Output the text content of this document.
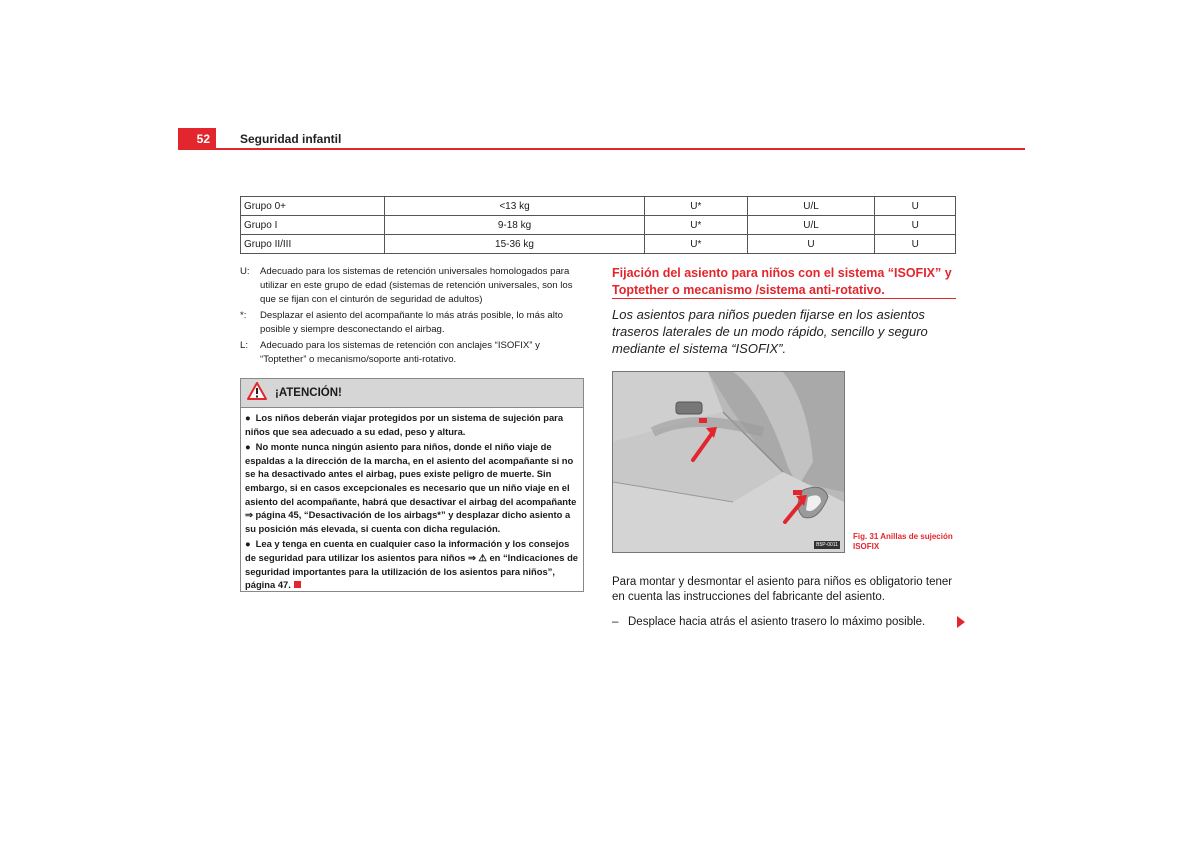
52	Seguridad infantil
Grupo 0+	<13 kg	U*	U/L	U
Grupo I	9-18 kg	U*	U/L	U
Grupo II/III	15-36 kg	U*	U	U
U:	Adecuado para los sistemas de retención universales homologados para utilizar en este grupo de edad (sistemas de retención universales, son los que se fijan con el cinturón de seguridad de adultos)
*:	Desplazar el asiento del acompañante lo más atrás posible, lo más alto posible y siempre desconectando el airbag.
L:	Adecuado para los sistemas de retención con anclajes “ISOFIX” y “Toptether” o mecanismo/soporte anti-rotativo.
¡ATENCIÓN!
● Los niños deberán viajar protegidos por un sistema de sujeción para niños que sea adecuado a su edad, peso y altura.
● No monte nunca ningún asiento para niños, donde el niño viaje de espaldas a la dirección de la marcha, en el asiento del acompañante si no se ha desactivado antes el airbag, pues existe peligro de muerte. Sin embargo, si en casos excepcionales es necesario que un niño viaje en el asiento del acompañante, habrá que desactivar el airbag del acompañante ⇒ página 45, “Desactivación de los airbags*” y desplazar dicho asiento a su posición más elevada, si cuenta con dicha regulación.
● Lea y tenga en cuenta en cualquier caso la información y los consejos de seguridad para utilizar los asientos para niños ⇒ ⚠ en “Indicaciones de seguridad importantes para la utilización de los asientos para niños”, página 47.
Fijación del asiento para niños con el sistema “ISOFIX” y Toptether o mecanismo /sistema anti-rotativo.
Los asientos para niños pueden fijarse en los asientos traseros laterales de un modo rápido, sencillo y seguro mediante el sistema “ISOFIX”.
B5P-0011
Fig. 31 Anillas de sujeción ISOFIX
Para montar y desmontar el asiento para niños es obligatorio tener en cuenta las instrucciones del fabricante del asiento.
– Desplace hacia atrás el asiento trasero lo máximo posible.
